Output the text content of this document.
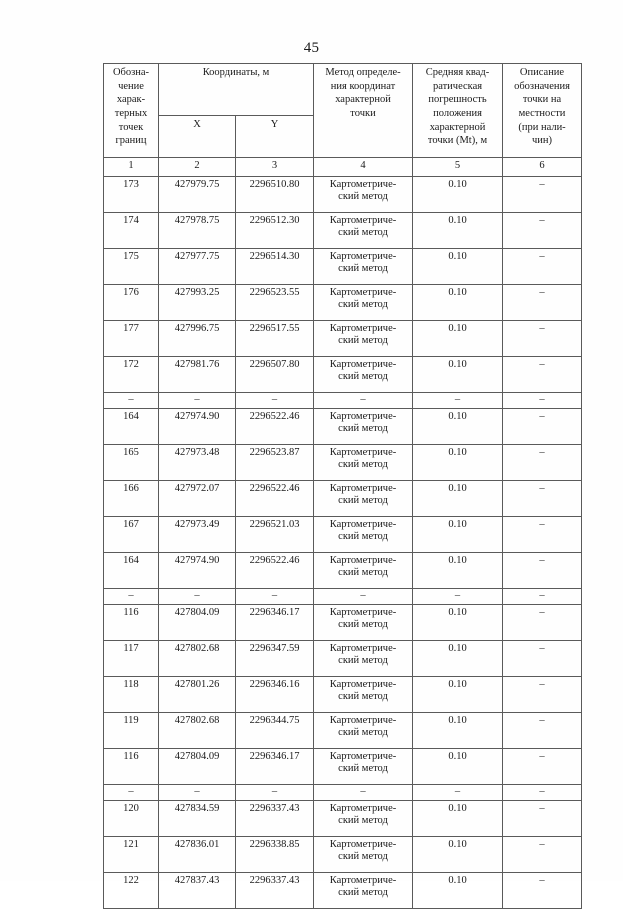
45
Обозна-
чение
харак-
терных
точек
границ	Координаты, м	Метод определе-
ния координат
характерной
точки	Средняя квад-
ратическая
погрешность
положения
характерной
точки (Mt), м	Описание
обозначения
точки на
местности
(при нали-
чин)
	X	Y			
1	2	3	4	5	6
173	427979.75	2296510.80	Картометриче-
ский метод	0.10	–
174	427978.75	2296512.30	Картометриче-
ский метод	0.10	–
175	427977.75	2296514.30	Картометриче-
ский метод	0.10	–
176	427993.25	2296523.55	Картометриче-
ский метод	0.10	–
177	427996.75	2296517.55	Картометриче-
ский метод	0.10	–
172	427981.76	2296507.80	Картометриче-
ский метод	0.10	–
–	–	–	–	–	–
164	427974.90	2296522.46	Картометриче-
ский метод	0.10	–
165	427973.48	2296523.87	Картометриче-
ский метод	0.10	–
166	427972.07	2296522.46	Картометриче-
ский метод	0.10	–
167	427973.49	2296521.03	Картометриче-
ский метод	0.10	–
164	427974.90	2296522.46	Картометриче-
ский метод	0.10	–
–	–	–	–	–	–
116	427804.09	2296346.17	Картометриче-
ский метод	0.10	–
117	427802.68	2296347.59	Картометриче-
ский метод	0.10	–
118	427801.26	2296346.16	Картометриче-
ский метод	0.10	–
119	427802.68	2296344.75	Картометриче-
ский метод	0.10	–
116	427804.09	2296346.17	Картометриче-
ский метод	0.10	–
–	–	–	–	–	–
120	427834.59	2296337.43	Картометриче-
ский метод	0.10	–
121	427836.01	2296338.85	Картометриче-
ский метод	0.10	–
122	427837.43	2296337.43	Картометриче-
ский метод	0.10	–
